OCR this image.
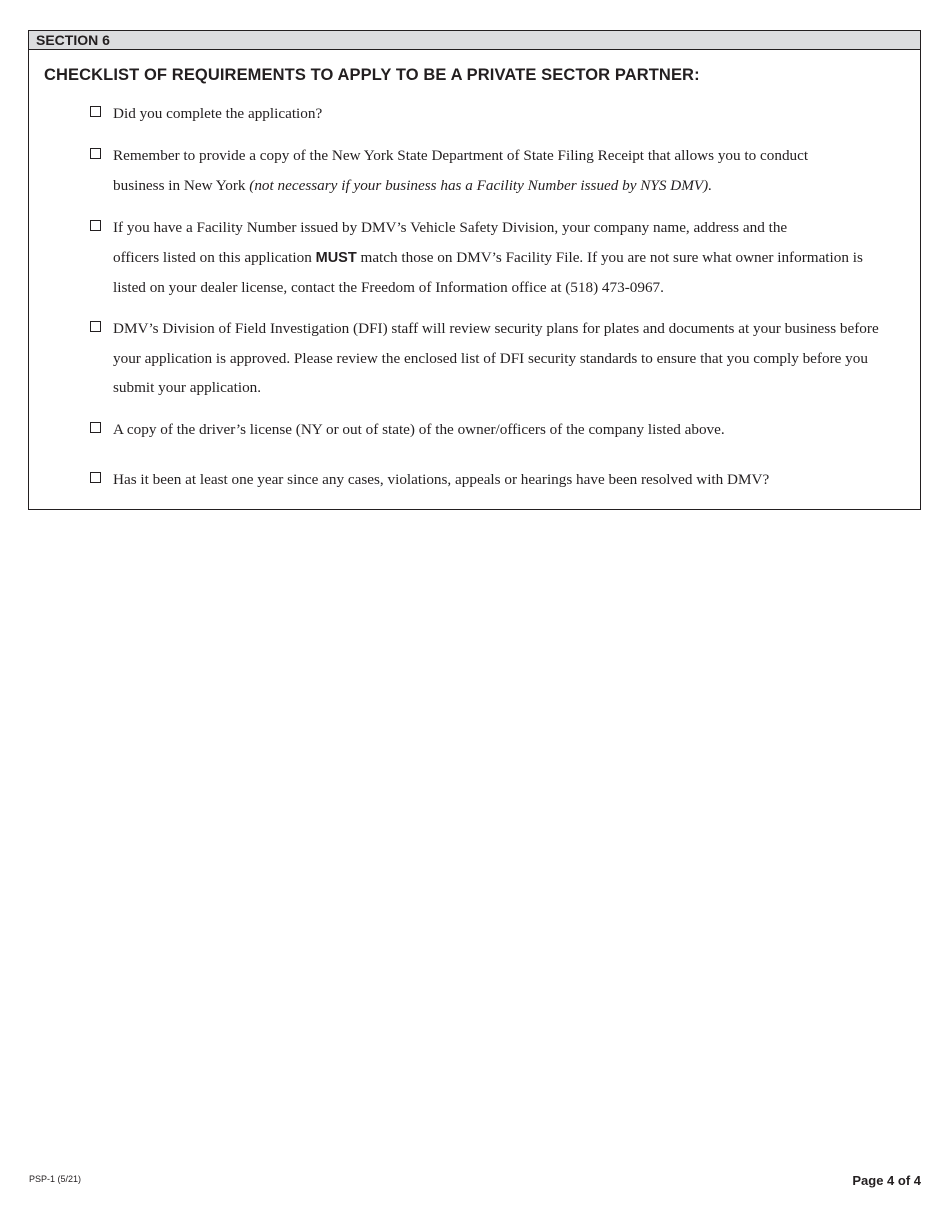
SECTION 6
CHECKLIST OF REQUIREMENTS TO APPLY TO BE A PRIVATE SECTOR PARTNER:
Did you complete the application?
Remember to provide a copy of the New York State Department of State Filing Receipt that allows you to conduct
business in New York (not necessary if your business has a Facility Number issued by NYS DMV).
If you have a Facility Number issued by DMV’s Vehicle Safety Division, your company name, address and the
officers listed on this application MUST match those on DMV’s Facility File. If you are not sure what owner information is
listed on your dealer license, contact the Freedom of Information office at (518) 473-0967.
DMV’s Division of Field Investigation (DFI) staff will review security plans for plates and documents at your business before
your application is approved. Please review the enclosed list of DFI security standards to ensure that you comply before you
submit your application.
A copy of the driver’s license (NY or out of state) of the owner/officers of the company listed above.
Has it been at least one year since any cases, violations, appeals or hearings have been resolved with DMV?
PSP-1 (5/21)	Page 4 of 4
